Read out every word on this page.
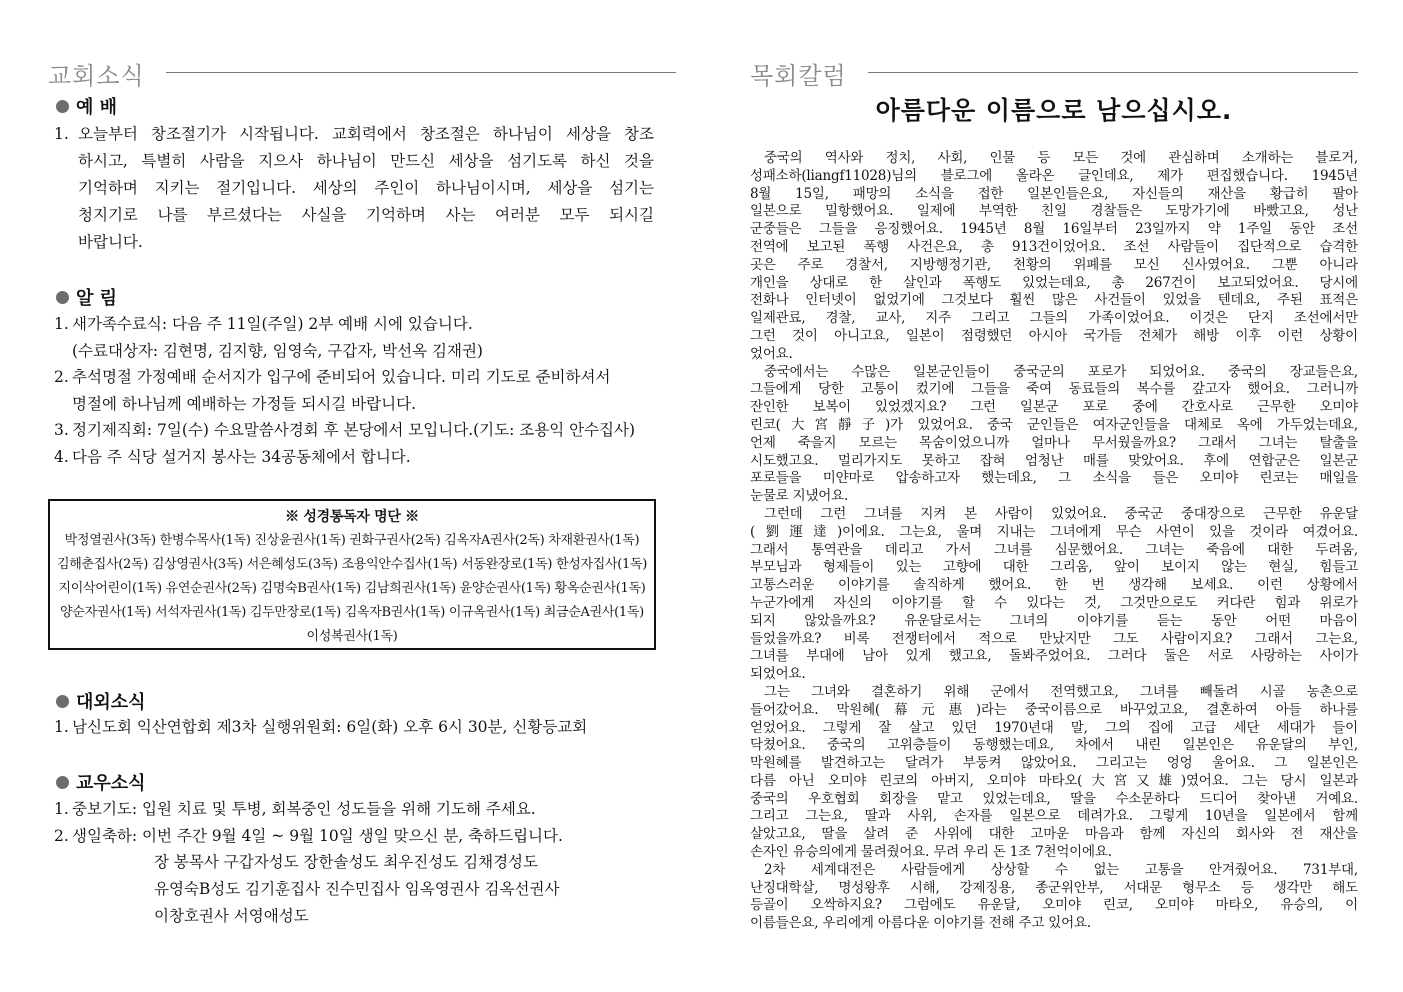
교회소식
예 배
1. 오늘부터 창조절기가 시작됩니다. 교회력에서 창조절은 하나님이 세상을 창조
하시고, 특별히 사람을 지으사 하나님이 만드신 세상을 섬기도록 하신 것을
기억하며 지키는 절기입니다. 세상의 주인이 하나님이시며, 세상을 섬기는
청지기로 나를 부르셨다는 사실을 기억하며 사는 여러분 모두 되시길
바랍니다.
알 림
1. 새가족수료식: 다음 주 11일(주일) 2부 예배 시에 있습니다.
(수료대상자: 김현명, 김지향, 임영숙, 구갑자, 박선옥 김재권)
2. 추석명절 가정예배 순서지가 입구에 준비되어 있습니다. 미리 기도로 준비하셔서
명절에 하나님께 예배하는 가정들 되시길 바랍니다.
3. 정기제직회: 7일(수) 수요말씀사경회 후 본당에서 모입니다.(기도: 조용익 안수집사)
4. 다음 주 식당 설거지 봉사는 34공동체에서 합니다.
※ 성경통독자 명단 ※
박정열권사(3독) 한병수목사(1독) 진상윤권사(1독) 권화구권사(2독) 김옥자A권사(2독) 차재환권사(1독)
김해춘집사(2독) 김상영권사(3독) 서은혜성도(3독) 조용익안수집사(1독) 서동완장로(1독) 한성자집사(1독)
지이삭어린이(1독) 유연순권사(2독) 김명숙B권사(1독) 김남희권사(1독) 윤양순권사(1독) 황옥순권사(1독)
양순자권사(1독) 서석자권사(1독) 김두만장로(1독) 김옥자B권사(1독) 이규옥권사(1독) 최금순A권사(1독)
이성복권사(1독)
대외소식
1. 남신도회 익산연합회 제3차 실행위원회: 6일(화) 오후 6시 30분, 신황등교회
교우소식
1. 중보기도: 입원 치료 및 투병, 회복중인 성도들을 위해 기도해 주세요.
2. 생일축하: 이번 주간 9월 4일 ~ 9월 10일 생일 맞으신 분, 축하드립니다.
장 봉목사 구갑자성도 장한솔성도 최우진성도 김채경성도
유영숙B성도 김기훈집사 진수민집사 임옥영권사 김옥선권사
이창호권사 서영애성도
목회칼럼
아름다운 이름으로 남으십시오.
중국의 역사와 정치, 사회, 인물 등 모든 것에 관심하며 소개하는 블로거,
성패소하(liangf11028)님의 블로그에 올라온 글인데요, 제가 편집했습니다. 1945년
8월 15일, 패망의 소식을 접한 일본인들은요, 자신들의 재산을 황급히 팔아
일본으로 밀항했어요. 일제에 부역한 친일 경찰들은 도망가기에 바빴고요, 성난
군중들은 그들을 응징했어요. 1945년 8월 16일부터 23일까지 약 1주일 동안 조선
전역에 보고된 폭행 사건은요, 총 913건이었어요. 조선 사람들이 집단적으로 습격한
곳은 주로 경찰서, 지방행정기관, 천황의 위폐를 모신 신사였어요. 그뿐 아니라
개인을 상대로 한 살인과 폭행도 있었는데요, 총 267건이 보고되었어요. 당시에
전화나 인터넷이 없었기에 그것보다 훨씬 많은 사건들이 있었을 텐데요, 주된 표적은
일제관료, 경찰, 교사, 지주 그리고 그들의 가족이었어요. 이것은 단지 조선에서만
그런 것이 아니고요, 일본이 점령했던 아시아 국가들 전체가 해방 이후 이런 상황이
었어요.
중국에서는 수많은 일본군인들이 중국군의 포로가 되었어요. 중국의 장교들은요,
그들에게 당한 고통이 컸기에 그들을 죽여 동료들의 복수를 갚고자 했어요. 그러니까
잔인한 보복이 있었겠지요? 그런 일본군 포로 중에 간호사로 근무한 오미야
린코(大宮靜子)가 있었어요. 중국 군인들은 여자군인들을 대체로 옥에 가두었는데요,
언제 죽을지 모르는 목숨이었으니까 얼마나 무서웠을까요? 그래서 그녀는 탈출을
시도했고요. 멀리가지도 못하고 잡혀 엄청난 매를 맞았어요. 후에 연합군은 일본군
포로들을 미얀마로 압송하고자 했는데요, 그 소식을 들은 오미야 린코는 매일을
눈물로 지냈어요.
그런데 그런 그녀를 지켜 본 사람이 있었어요. 중국군 중대장으로 근무한 유운달
(劉運達)이에요. 그는요, 울며 지내는 그녀에게 무슨 사연이 있을 것이라 여겼어요.
그래서 통역관을 데리고 가서 그녀를 심문했어요. 그녀는 죽음에 대한 두려움,
부모님과 형제들이 있는 고향에 대한 그리움, 앞이 보이지 않는 현실, 힘들고
고통스러운 이야기를 솔직하게 했어요. 한 번 생각해 보세요. 이런 상황에서
누군가에게 자신의 이야기를 할 수 있다는 것, 그것만으로도 커다란 힘과 위로가
되지 않았을까요? 유운달로서는 그녀의 이야기를 듣는 동안 어떤 마음이
들었을까요? 비록 전쟁터에서 적으로 만났지만 그도 사람이지요? 그래서 그는요,
그녀를 부대에 남아 있게 했고요, 돌봐주었어요. 그러다 둘은 서로 사랑하는 사이가
되었어요.
그는 그녀와 결혼하기 위해 군에서 전역했고요, 그녀를 빼돌려 시골 농촌으로
들어갔어요. 막원혜(幕元惠)라는 중국이름으로 바꾸었고요, 결혼하여 아들 하나를
얻었어요. 그렇게 잘 살고 있던 1970년대 말, 그의 집에 고급 세단 세대가 들이
닥쳤어요. 중국의 고위층들이 동행했는데요, 차에서 내린 일본인은 유운달의 부인,
막원혜를 발견하고는 달려가 부둥켜 않았어요. 그리고는 엉엉 울어요. 그 일본인은
다름 아닌 오미야 린코의 아버지, 오미야 마타오(大宮又雄)였어요. 그는 당시 일본과
중국의 우호협회 회장을 맡고 있었는데요, 딸을 수소문하다 드디어 찾아낸 거예요.
그리고 그는요, 딸과 사위, 손자를 일본으로 데려가요. 그렇게 10년을 일본에서 함께
살았고요, 딸을 살려 준 사위에 대한 고마운 마음과 함께 자신의 회사와 전 재산을
손자인 유승의에게 물려줬어요. 무려 우리 돈 1조 7천억이에요.
2차 세계대전은 사람들에게 상상할 수 없는 고통을 안겨줬어요. 731부대,
난징대학살, 명성왕후 시해, 강제징용, 종군위안부, 서대문 형무소 등 생각만 해도
등골이 오싹하지요? 그럼에도 유운달, 오미야 린코, 오미야 마타오, 유승의, 이
이름들은요, 우리에게 아름다운 이야기를 전해 주고 있어요.
